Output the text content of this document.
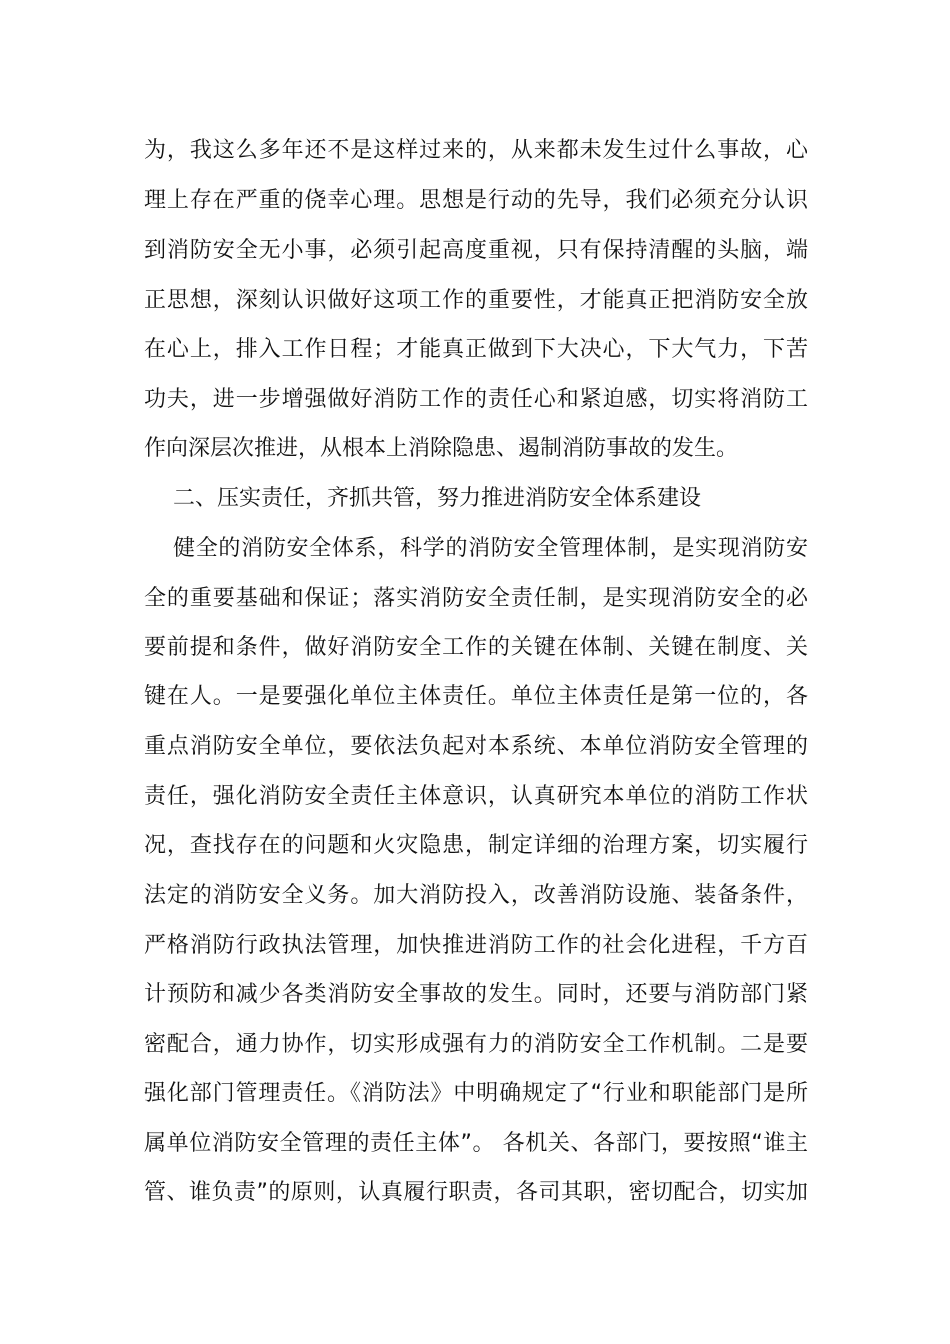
为，我这么多年还不是这样过来的，从来都未发生过什么事故，心
理上存在严重的侥幸心理。思想是行动的先导，我们必须充分认识
到消防安全无小事，必须引起高度重视，只有保持清醒的头脑，端
正思想，深刻认识做好这项工作的重要性，才能真正把消防安全放
在心上，排入工作日程；才能真正做到下大决心，下大气力，下苦
功夫，进一步增强做好消防工作的责任心和紧迫感，切实将消防工
作向深层次推进，从根本上消除隐患、遏制消防事故的发生。
二、压实责任，齐抓共管，努力推进消防安全体系建设
健全的消防安全体系，科学的消防安全管理体制，是实现消防安
全的重要基础和保证；落实消防安全责任制，是实现消防安全的必
要前提和条件，做好消防安全工作的关键在体制、关键在制度、关
键在人。一是要强化单位主体责任。单位主体责任是第一位的，各
重点消防安全单位，要依法负起对本系统、本单位消防安全管理的
责任，强化消防安全责任主体意识，认真研究本单位的消防工作状
况，查找存在的问题和火灾隐患，制定详细的治理方案，切实履行
法定的消防安全义务。加大消防投入，改善消防设施、装备条件，
严格消防行政执法管理，加快推进消防工作的社会化进程，千方百
计预防和减少各类消防安全事故的发生。同时，还要与消防部门紧
密配合，通力协作，切实形成强有力的消防安全工作机制。二是要
强化部门管理责任。《消防法》中明确规定了“行业和职能部门是所
属单位消防安全管理的责任主体”。 各机关、各部门，要按照“谁主
管、谁负责”的原则，认真履行职责，各司其职，密切配合，切实加
